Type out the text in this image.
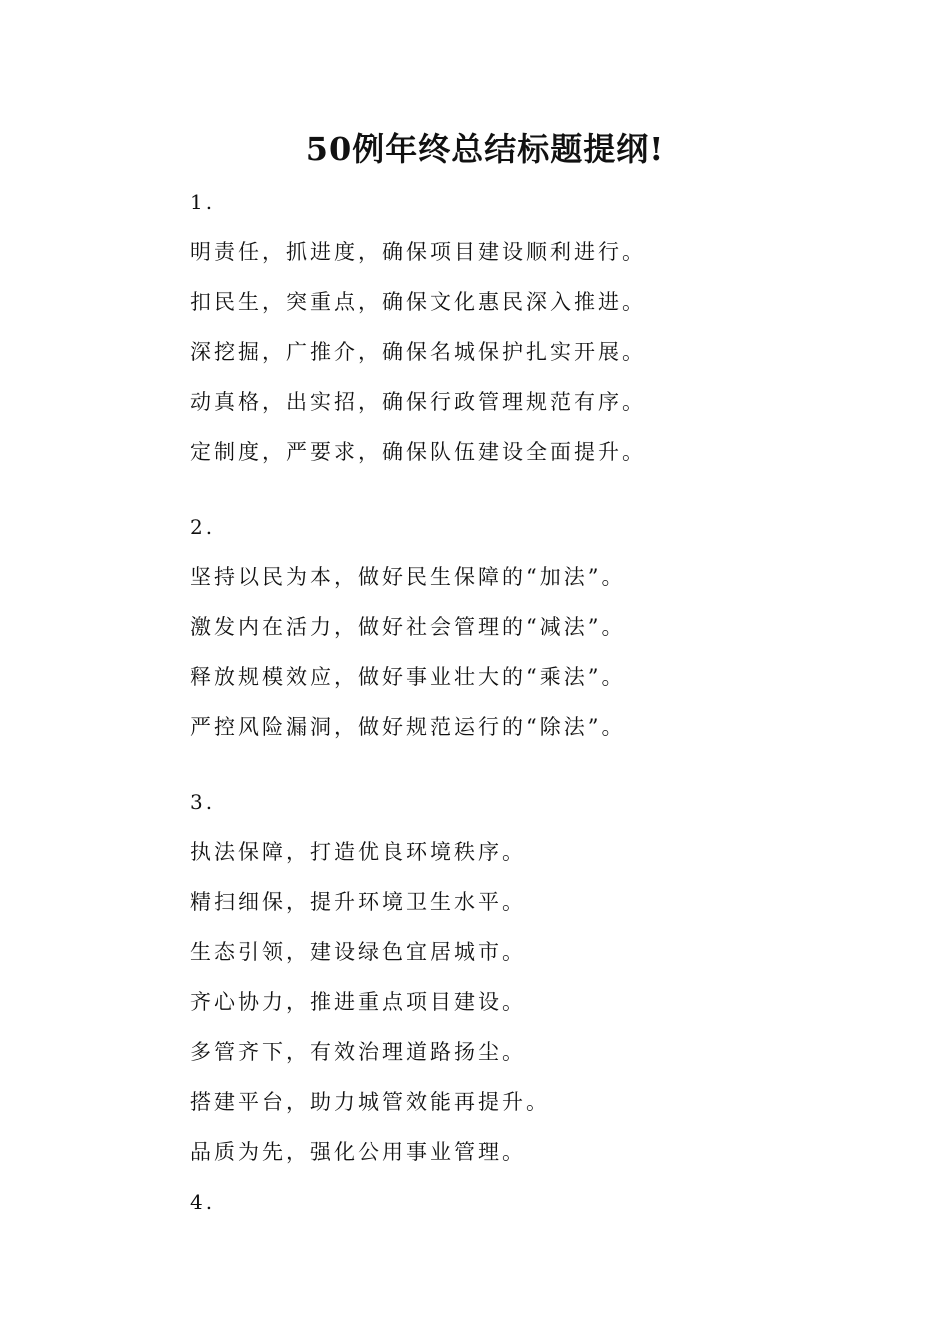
50例年终总结标题提纲!

1.

明责任，抓进度，确保项目建设顺利进行。

扣民生，突重点，确保文化惠民深入推进。

深挖掘，广推介，确保名城保护扎实开展。

动真格，出实招，确保行政管理规范有序。

定制度，严要求，确保队伍建设全面提升。

2.

坚持以民为本，做好民生保障的“加法”。

激发内在活力，做好社会管理的“减法”。

释放规模效应，做好事业壮大的“乘法”。

严控风险漏洞，做好规范运行的“除法”。

3.

执法保障，打造优良环境秩序。

精扫细保，提升环境卫生水平。

生态引领，建设绿色宜居城市。

齐心协力，推进重点项目建设。

多管齐下，有效治理道路扬尘。

搭建平台，助力城管效能再提升。

品质为先，强化公用事业管理。

4.
